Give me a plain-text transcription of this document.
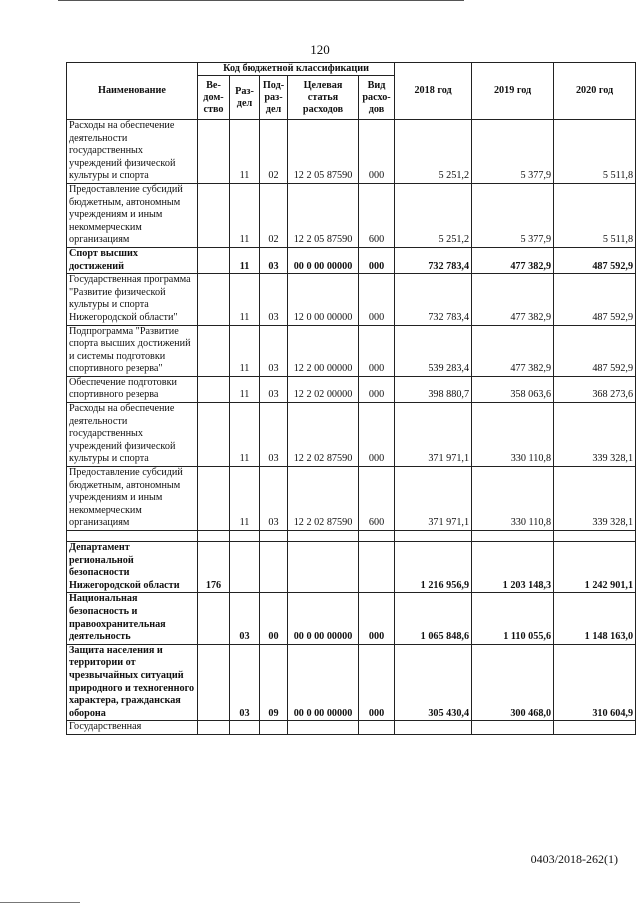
120
Наименование	Код бюджетной классификации					2018 год	2019 год	2020 год
	Ве-дом-ство	Раз-дел	Под-раз-дел	Целевая статья расходов	Вид расхо-дов			
Расходы на обеспечение деятельности государственных учреждений физической культуры и спорта		11	02	12 2 05 87590	000	5 251,2	5 377,9	5 511,8
Предоставление субсидий бюджетным, автономным учреждениям и иным некоммерческим организациям		11	02	12 2 05 87590	600	5 251,2	5 377,9	5 511,8
Спорт высших достижений		11	03	00 0 00 00000	000	732 783,4	477 382,9	487 592,9
Государственная программа "Развитие физической культуры и спорта Нижегородской области"		11	03	12 0 00 00000	000	732 783,4	477 382,9	487 592,9
Подпрограмма "Развитие спорта высших достижений и системы подготовки спортивного резерва"		11	03	12 2 00 00000	000	539 283,4	477 382,9	487 592,9
Обеспечение подготовки спортивного резерва		11	03	12 2 02 00000	000	398 880,7	358 063,6	368 273,6
Расходы на обеспечение деятельности государственных учреждений физической культуры и спорта		11	03	12 2 02 87590	000	371 971,1	330 110,8	339 328,1
Предоставление субсидий бюджетным, автономным учреждениям и иным некоммерческим организациям		11	03	12 2 02 87590	600	371 971,1	330 110,8	339 328,1

Департамент региональной безопасности Нижегородской области	176					1 216 956,9	1 203 148,3	1 242 901,1
Национальная безопасность и правоохранительная деятельность		03	00	00 0 00 00000	000	1 065 848,6	1 110 055,6	1 148 163,0
Защита населения и территории от чрезвычайных ситуаций природного и техногенного характера, гражданская оборона		03	09	00 0 00 00000	000	305 430,4	300 468,0	310 604,9
Государственная								
0403/2018-262(1)
